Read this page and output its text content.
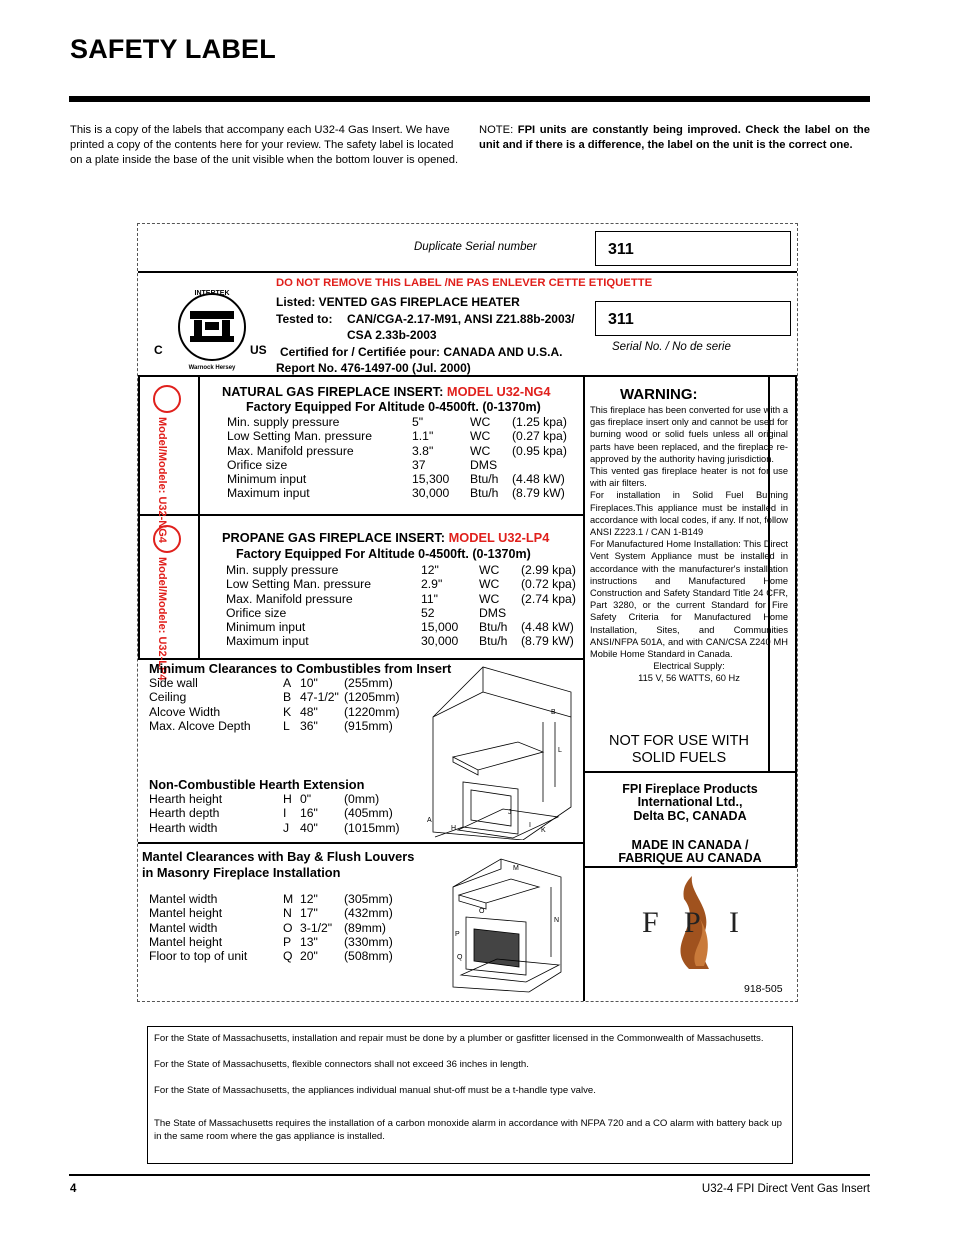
SAFETY LABEL
This is a copy of the labels that accompany each U32-4 Gas Insert. We have printed a copy of the contents here for your review. The safety label is located on a plate inside the base of the unit visible when the bottom louver is opened.
NOTE: FPI units are constantly being improved. Check the label on the unit and if there is a difference, the label on the unit is the correct one.
Duplicate Serial number	311
DO NOT REMOVE THIS LABEL /NE PAS ENLEVER CETTE ETIQUETTE
Listed: VENTED GAS FIREPLACE HEATER
Tested to: CAN/CGA-2.17-M91, ANSI Z21.88b-2003/
CSA 2.33b-2003
Certified for / Certifiée pour: CANADA AND U.S.A.
Report No. 476-1497-00 (Jul. 2000)
311
Serial No. / No de serie
INTERTEK
Warnock Hersey
C	US
Model/Modele: U32-NG4
NATURAL GAS FIREPLACE INSERT: MODEL U32-NG4
Factory Equipped For Altitude 0-4500ft. (0-1370m)
Min. supply pressure	5"	WC	(1.25 kpa)
Low Setting Man. pressure	1.1"	WC	(0.27 kpa)
Max. Manifold pressure	3.8"	WC	(0.95 kpa)
Orifice size	37	DMS	
Minimum input	15,300	Btu/h	(4.48 kW)
Maximum input	30,000	Btu/h	(8.79 kW)
Model/Modele: U32-LP4
PROPANE GAS FIREPLACE INSERT: MODEL U32-LP4
Factory Equipped For Altitude 0-4500ft. (0-1370m)
Min. supply pressure	12"	WC	(2.99 kpa)
Low Setting Man. pressure	2.9"	WC	(0.72 kpa)
Max. Manifold pressure	11"	WC	(2.74 kpa)
Orifice size	52	DMS	
Minimum input	15,000	Btu/h	(4.48 kW)
Maximum input	30,000	Btu/h	(8.79 kW)
Minimum Clearances to Combustibles from Insert
Side wall	A	10"	(255mm)
Ceiling	B	47-1/2"	(1205mm)
Alcove Width	K	48"	(1220mm)
Max. Alcove Depth	L	36"	(915mm)
Non-Combustible Hearth Extension
Hearth height	H	0"	(0mm)
Hearth depth	I	16"	(405mm)
Hearth width	J	40"	(1015mm)
B
L
A
J
H	I
K
Mantel Clearances with Bay & Flush Louvers
in Masonry Fireplace Installation
Mantel width	M	12"	(305mm)
Mantel height	N	17"	(432mm)
Mantel width	O	3-1/2"	(89mm)
Mantel height	P	13"	(330mm)
Floor to top of unit	Q	20"	(508mm)
M
N
O
P
Q
WARNING:
This fireplace has been converted for use with a gas fireplace insert only and cannot be used for burning wood or solid fuels unless all original parts have been replaced, and the fireplace re-approved by the authority having jurisdiction.
This vented gas fireplace heater is not for use with air filters.
For installation in Solid Fuel Burning Fireplaces.This appliance must be installed in accordance with local codes, if any. If not, follow ANSI Z223.1 / CAN 1-B149
For Manufactured Home Installation: This Direct Vent System Appliance must be installed in accordance with the manufacturer's installation instructions and Manufactured Home Construction and Safety Standard Title 24 CFR, Part 3280, or the current Standard for Fire Safety Criteria for Manufactured Home Installation, Sites, and Communities ANSI/NFPA 501A, and with CAN/CSA Z240 MH Mobile Home Standard in Canada.
Electrical Supply:
115 V, 56 WATTS, 60 Hz
NOT FOR USE WITH
SOLID FUELS
FPI Fireplace Products
International Ltd.,
Delta BC, CANADA
MADE IN CANADA /
FABRIQUE AU CANADA
F P I
918-505

For the State of Massachusetts, installation and repair must be done by a plumber or gasfitter licensed in the Commonwealth of Massachusetts.

For the State of Massachusetts, flexible connectors shall not exceed 36 inches in length.

For the State of Massachusetts, the appliances individual manual shut-off must be a t-handle type valve.

The State of Massachusetts requires the installation of a carbon monoxide alarm in accordance with NFPA 720 and a CO alarm with battery back up in the same room where the gas appliance is installed.

4	U32-4 FPI Direct Vent Gas Insert
